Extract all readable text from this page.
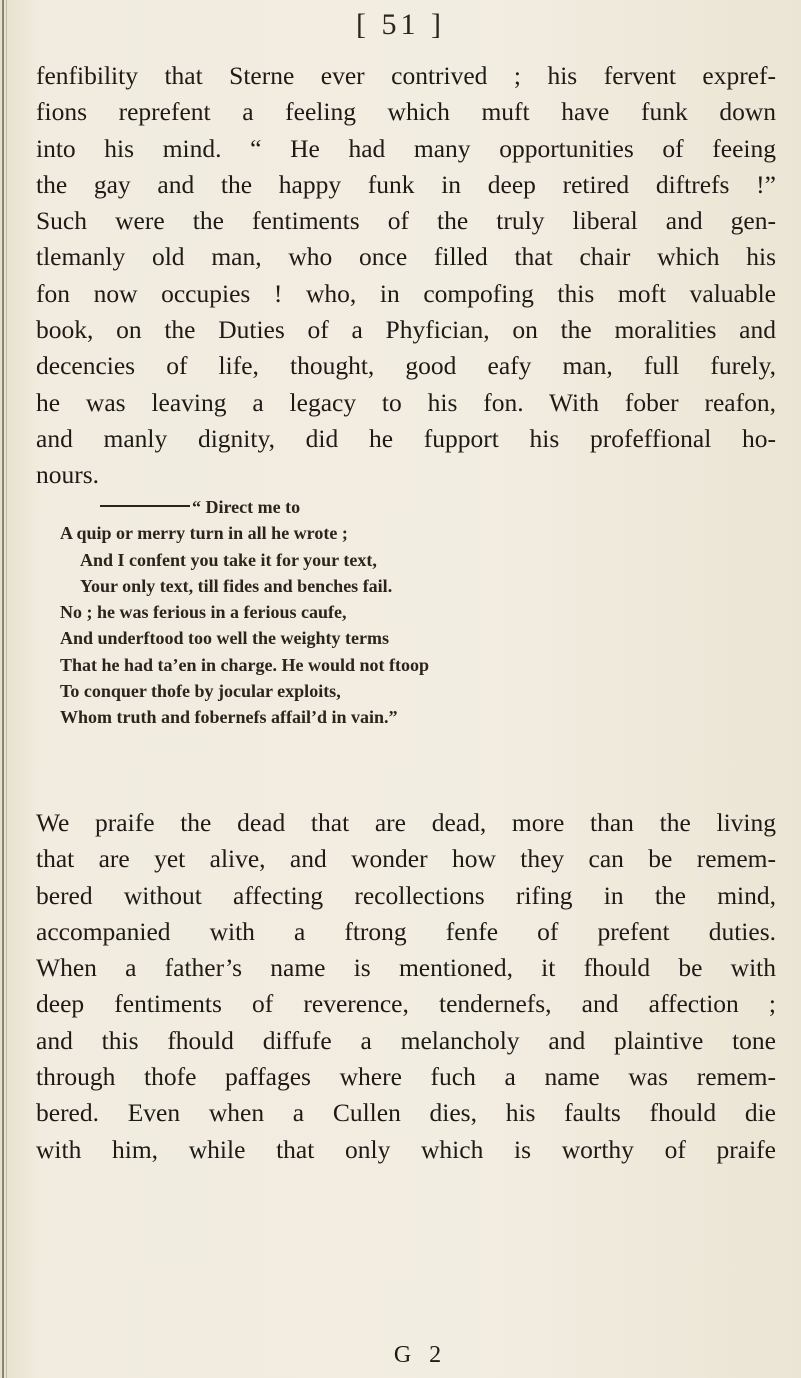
[ 51 ]
fenfibility that Sterne ever contrived ; his fervent expref-
fions reprefent a feeling which muft have funk down
into his mind. “ He had many opportunities of feeing
the gay and the happy funk in deep retired diftrefs !”
Such were the fentiments of the truly liberal and gen-
tlemanly old man, who once filled that chair which his
fon now occupies ! who, in compofing this moft valuable
book, on the Duties of a Phyfician, on the moralities and
decencies of life, thought, good eafy man, full furely,
he was leaving a legacy to his fon. With fober reafon,
and manly dignity, did he fupport his profeffional ho-
nours.
“ Direct me to
A quip or merry turn in all he wrote ;
And I confent you take it for your text,
Your only text, till fides and benches fail.
No ; he was ferious in a ferious caufe,
And underftood too well the weighty terms
That he had ta’en in charge. He would not ftoop
To conquer thofe by jocular exploits,
Whom truth and fobernefs affail’d in vain.”
We praife the dead that are dead, more than the living
that are yet alive, and wonder how they can be remem-
bered without affecting recollections rifing in the mind,
accompanied with a ftrong fenfe of prefent duties.
When a father’s name is mentioned, it fhould be with
deep fentiments of reverence, tendernefs, and affection ;
and this fhould diffufe a melancholy and plaintive tone
through thofe paffages where fuch a name was remem-
bered. Even when a Cullen dies, his faults fhould die
with him, while that only which is worthy of praife
G 2
